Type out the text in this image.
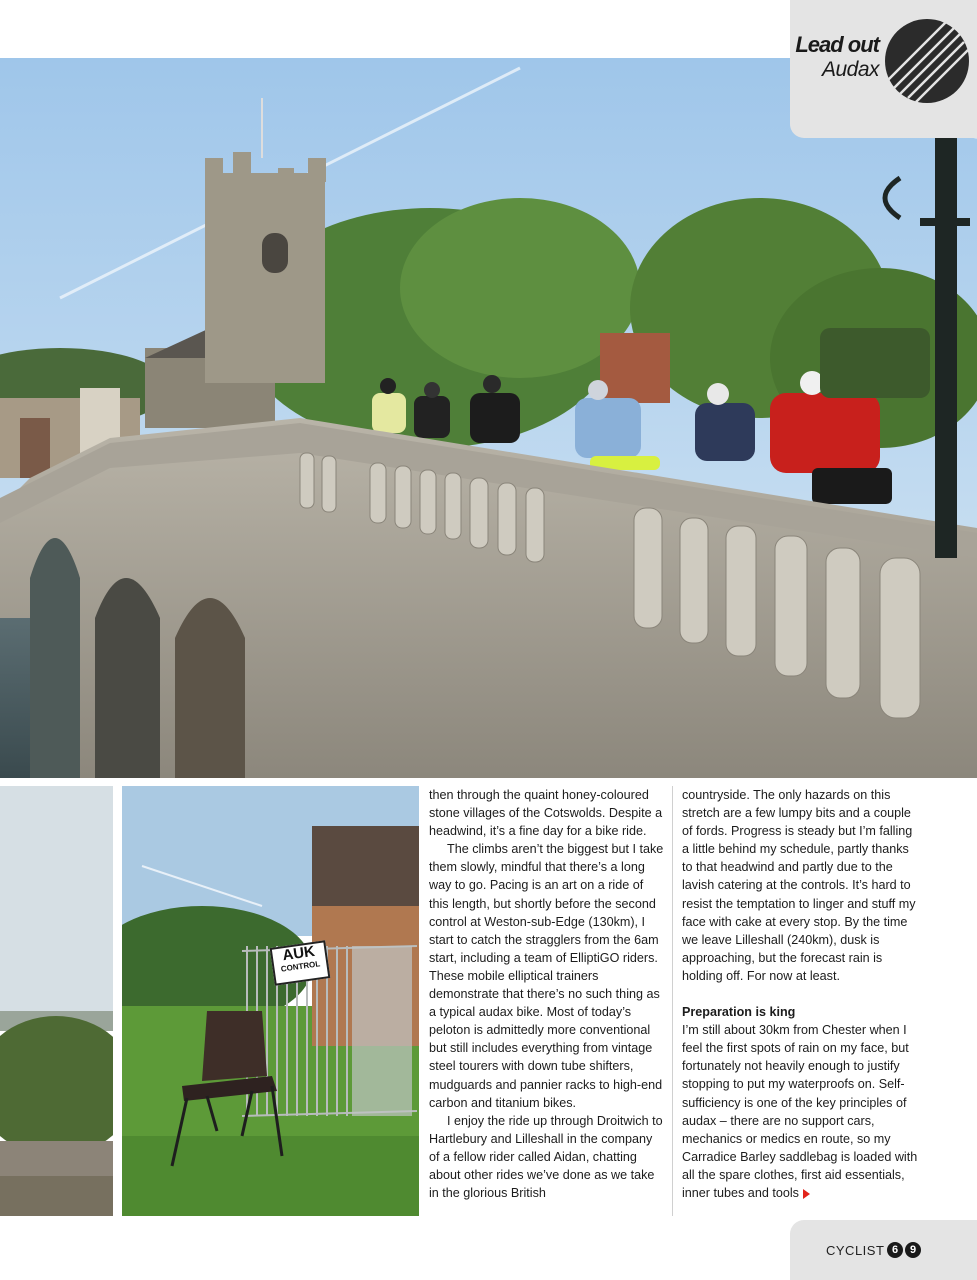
Lead out
Audax
AUK
CONTROL

then through the quaint honey-coloured stone villages of the Cotswolds. Despite a headwind, it’s a fine day for a bike ride.

The climbs aren’t the biggest but I take them slowly, mindful that there’s a long way to go. Pacing is an art on a ride of this length, but shortly before the second control at Weston-sub-Edge (130km), I start to catch the stragglers from the 6am start, including a team of ElliptiGO riders. These mobile elliptical trainers demonstrate that there’s no such thing as a typical audax bike. Most of today’s peloton is admittedly more conventional but still includes everything from vintage steel tourers with down tube shifters, mudguards and pannier racks to high-end carbon and titanium bikes.

I enjoy the ride up through Droitwich to Hartlebury and Lilleshall in the company of a fellow rider called Aidan, chatting about other rides we’ve done as we take in the glorious British

countryside. The only hazards on this stretch are a few lumpy bits and a couple of fords. Progress is steady but I’m falling a little behind my schedule, partly thanks to that headwind and partly due to the lavish catering at the controls. It’s hard to resist the temptation to linger and stuff my face with cake at every stop. By the time we leave Lilleshall (240km), dusk is approaching, but the forecast rain is holding off. For now at least.

Preparation is king

I’m still about 30km from Chester when I feel the first spots of rain on my face, but fortunately not heavily enough to justify stopping to put my waterproofs on. Self-sufficiency is one of the key principles of audax – there are no support cars, mechanics or medics en route, so my Carradice Barley saddlebag is loaded with all the spare clothes, first aid essentials, inner tubes and tools

CYCLIST 6	9
